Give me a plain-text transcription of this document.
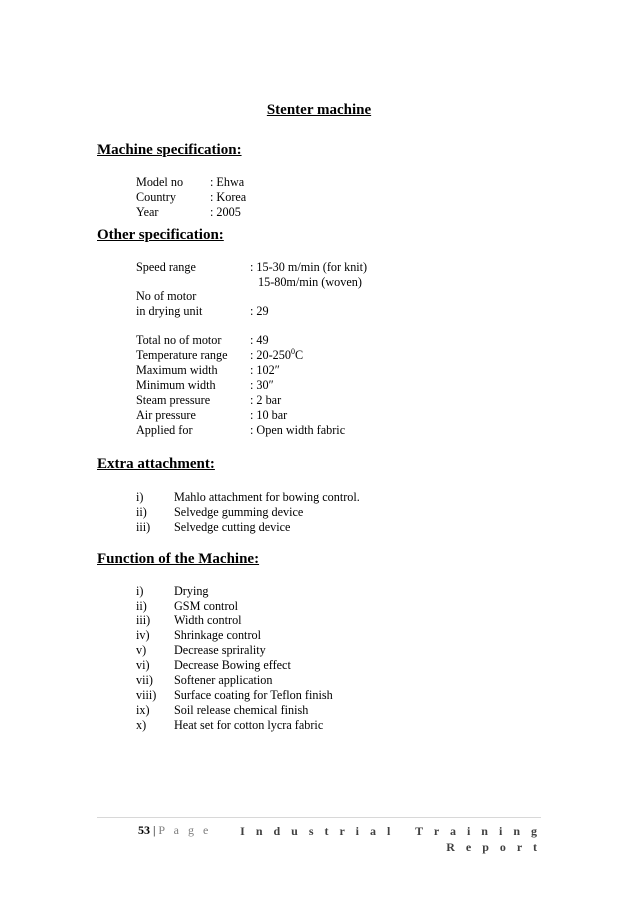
Stenter machine
Machine specification:
Model no : Ehwa
Country	: Korea
Year	: 2005
Other specification:
Speed range	: 15-30 m/min (for knit)
15-80m/min (woven)
No of motor
in drying unit	: 29
Total no of motor : 49
Temperature range : $20-250^0C$
Maximum width	: 102″
Minimum width	: 30″
Steam pressure	: 2 bar
Air pressure	: 10 bar
Applied for	: Open width fabric
Extra attachment:
i)	Mahlo attachment for bowing control.
ii) Selvedge gumming device
iii) Selvedge cutting device
Function of the Machine:
i)	Drying
ii) GSM control
iii) Width control
iv) Shrinkage control
v) Decrease sprirality
vi) Decrease Bowing effect
vii) Softener application
viii) Surface coating for Teflon finish
ix) Soil release chemical finish
x) Heat set for cotton lycra fabric
53 | P a g e I n d u s t r i a l   T r a i n i n g
R e p o r t
